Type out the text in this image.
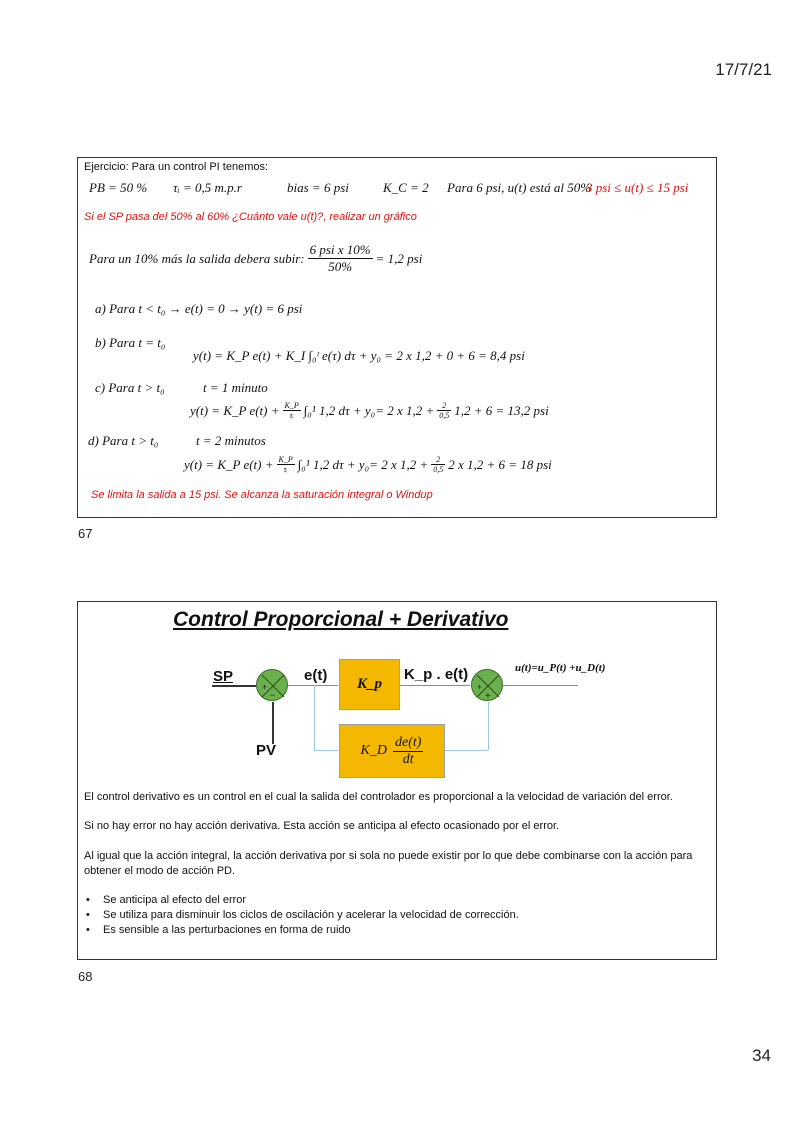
17/7/21
Ejercicio: Para un control PI tenemos:
PB = 50 % τᵢ = 0,5 m.p.r	bias = 6 psi	K_C = 2 Para 6 psi, u(t) está al 50%
3 psi ≤ u(t) ≤ 15 psi
Si el SP pasa del 50% al 60% ¿Cuánto vale u(t)?, realizar un gráfico
Para un 10% más la salida debera subir: $\frac{\text{6 psi x 10\%}}{50\%} = 1,2$ psi
a) Para t < t₀ → e(t) = 0 → y(t) = 6 psi
b) Para t = t₀
y(t) = K_P e(t) + K_I ∫₀ᵗ e(τ) dτ + y₀ = 2 x 1,2 + 0 + 6 = 8,4 psi
c) Para t > t₀	t = 1 minuto
y(t) = K_P $e(t) + \frac{K\_P}{\text{τᵢ}} \int_0^1$ 1,2 dτ + y₀= 2 x $1,2 + \frac{2}{0,5} 1,2 + 6 = 13,2$ psi
d) Para t > t₀	t = 2 minutos
y(t) = K_P $e(t) + \frac{K\_P}{\text{τᵢ}} \int_0^1$ 1,2 dτ + y₀= 2 x $1,2 + \frac{2}{0,5} 2$ x 1,2 + 6 = 18 psi
Se limita la salida a 15 psi. Se alcanza la saturación integral o Windup
67
Control Proporcional + Derivativo
SP
+
−
PV
e(t) K_p
K_D $\frac{de(t)}{dt}$
K_p . e(t)
+
+
u(t)=u_P(t) +u_D(t)
El control derivativo es un control en el cual la salida del controlador es proporcional a la velocidad de variación del error.
Si no hay error no hay acción derivativa. Esta acción se anticipa al efecto ocasionado por el error.
Al igual que la acción integral, la acción derivativa por si sola no puede existir por lo que debe combinarse con la acción para obtener el modo de acción PD.
• Se anticipa al efecto del error
• Se utiliza para disminuir los ciclos de oscilación y acelerar la velocidad de corrección.
• Es sensible a las perturbaciones en forma de ruido
68
34
